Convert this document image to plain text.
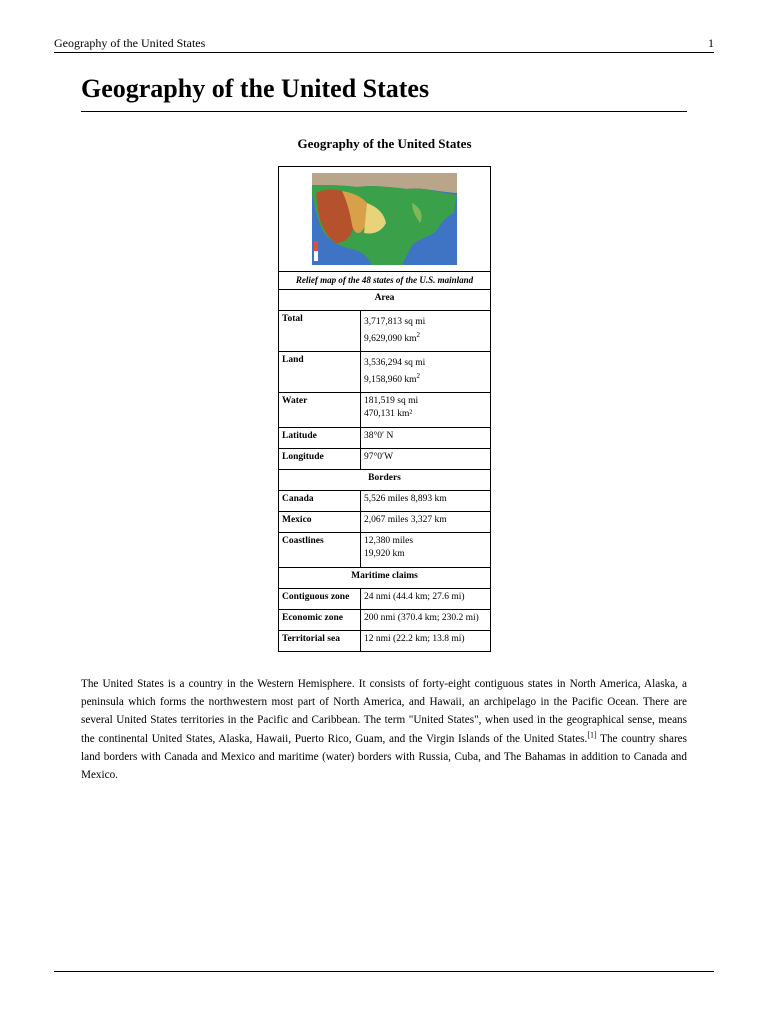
Geography of the United States	1
Geography of the United States
Geography of the United States

Relief map of the 48 states of the U.S. mainland	
Area	
Total	3,717,813 sq mi
9,629,090 $km^2$

Land	3,536,294 sq mi
9,158,960 $km^2$

Water	181,519 sq mi
470,131 km²

Latitude	38°0′ N
Longitude	97°0′W
Borders	
Canada	5,526 miles 8,893 km
Mexico	2,067 miles 3,327 km
Coastlines	12,380 miles
19,920 km

Maritime claims	
Contiguous zone	24 nmi (44.4 km; 27.6 mi)
Economic zone	200 nmi (370.4 km; 230.2 mi)
Territorial sea	12 nmi (22.2 km; 13.8 mi)

The United States is a country in the Western Hemisphere. It consists of forty-eight contiguous states in North America, Alaska, a peninsula which forms the northwestern most part of North America, and Hawaii, an archipelago in the Pacific Ocean. There are several United States territories in the Pacific and Caribbean. The term "United States", when used in the geographical sense, means the continental United States, Alaska, Hawaii, Puerto Rico, Guam, and the Virgin Islands of the United States.[1] The country shares land borders with Canada and Mexico and maritime (water) borders with Russia, Cuba, and The Bahamas in addition to Canada and Mexico.
